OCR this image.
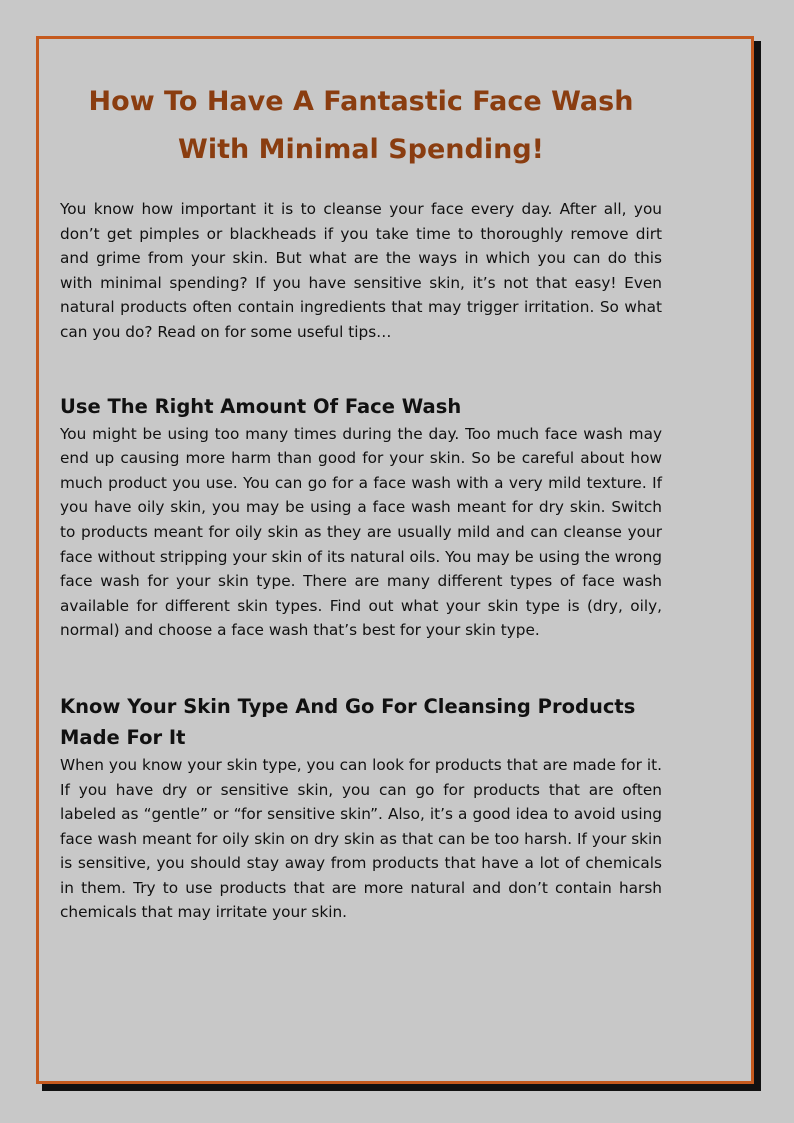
How To Have A Fantastic Face Wash With Minimal Spending!

You know how important it is to cleanse your face every day. After all, you don’t get pimples or blackheads if you take time to thoroughly remove dirt and grime from your skin. But what are the ways in which you can do this with minimal spending? If you have sensitive skin, it’s not that easy! Even natural products often contain ingredients that may trigger irritation. So what can you do? Read on for some useful tips…

Use The Right Amount Of Face Wash

You might be using too many times during the day. Too much face wash may end up causing more harm than good for your skin. So be careful about how much product you use. You can go for a face wash with a very mild texture. If you have oily skin, you may be using a face wash meant for dry skin. Switch to products meant for oily skin as they are usually mild and can cleanse your face without stripping your skin of its natural oils. You may be using the wrong face wash for your skin type. There are many different types of face wash available for different skin types. Find out what your skin type is (dry, oily, normal) and choose a face wash that’s best for your skin type.

Know Your Skin Type And Go For Cleansing Products Made For It

When you know your skin type, you can look for products that are made for it. If you have dry or sensitive skin, you can go for products that are often labeled as “gentle” or “for sensitive skin”. Also, it’s a good idea to avoid using face wash meant for oily skin on dry skin as that can be too harsh. If your skin is sensitive, you should stay away from products that have a lot of chemicals in them. Try to use products that are more natural and don’t contain harsh chemicals that may irritate your skin.
